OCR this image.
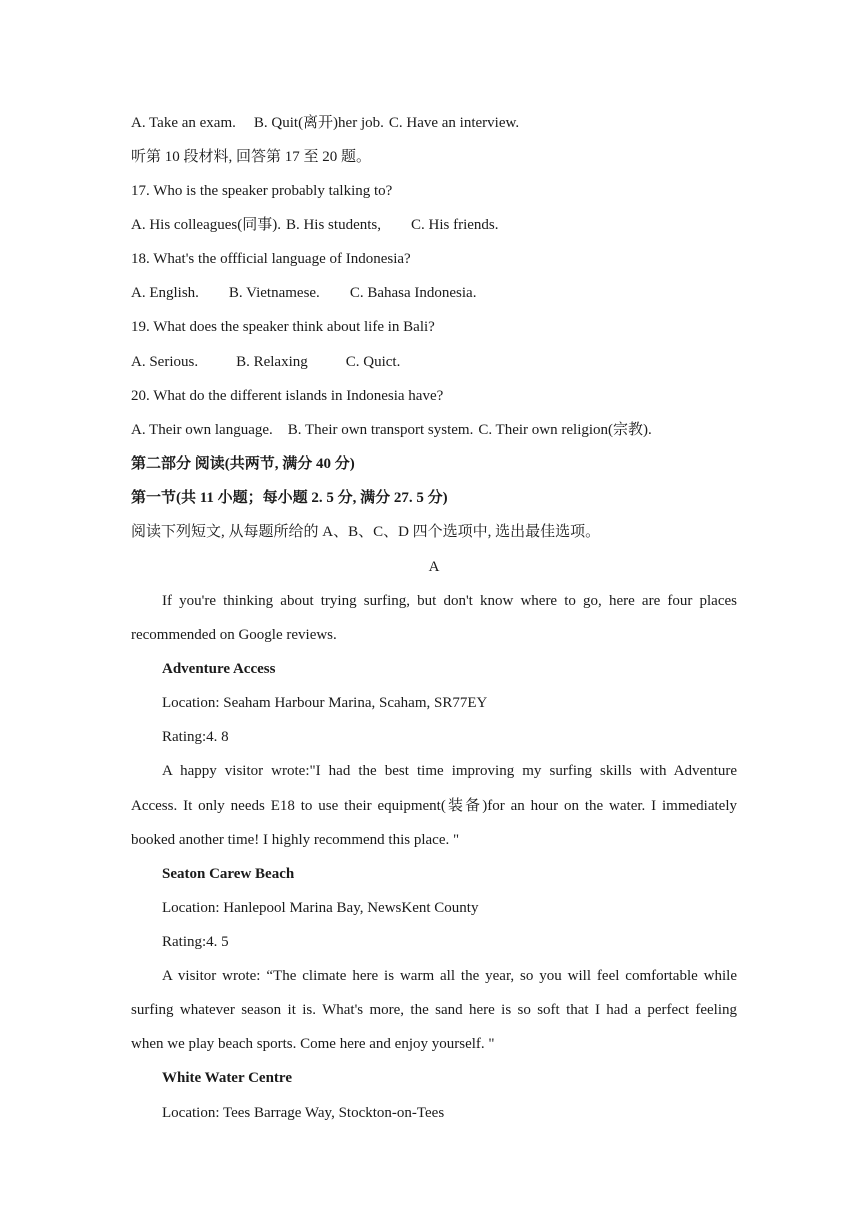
A. Take an exam. B. Quit(离开)her job. C. Have an interview.
听第 10 段材料, 回答第 17 至 20 题。
17. Who is the speaker probably talking to?
A. His colleagues(同事). B. His students, C. His friends.
18. What's the offficial language of Indonesia?
A. English. B. Vietnamese. C. Bahasa Indonesia.
19. What does the speaker think about life in Bali?
A. Serious.	B. Relaxing	C. Quict.
20. What do the different islands in Indonesia have?
A. Their own language. B. Their own transport system. C. Their own religion(宗教).
第二部分 阅读(共两节, 满分 40 分)
第一节(共 11 小题；每小题 2. 5 分, 满分 27. 5 分)
阅读下列短文, 从每题所给的 A、B、C、D 四个选项中, 选出最佳选项。
A
If you're thinking about trying surfing, but don't know where to go, here are four places
recommended on Google reviews.
Adventure Access
Location: Seaham Harbour Marina, Scaham, SR77EY
Rating:4. 8
A happy visitor wrote:"I had the best time improving my surfing skills with Adventure
Access. It only needs E18 to use their equipment(装备)for an hour on the water. I immediately
booked another time! I highly recommend this place. "
Seaton Carew Beach
Location: Hanlepool Marina Bay, NewsKent County
Rating:4. 5
A visitor wrote: “The climate here is warm all the year, so you will feel comfortable while
surfing whatever season it is. What's more, the sand here is so soft that I had a perfect feeling
when we play beach sports. Come here and enjoy yourself. "
White Water Centre
Location: Tees Barrage Way, Stockton-on-Tees
